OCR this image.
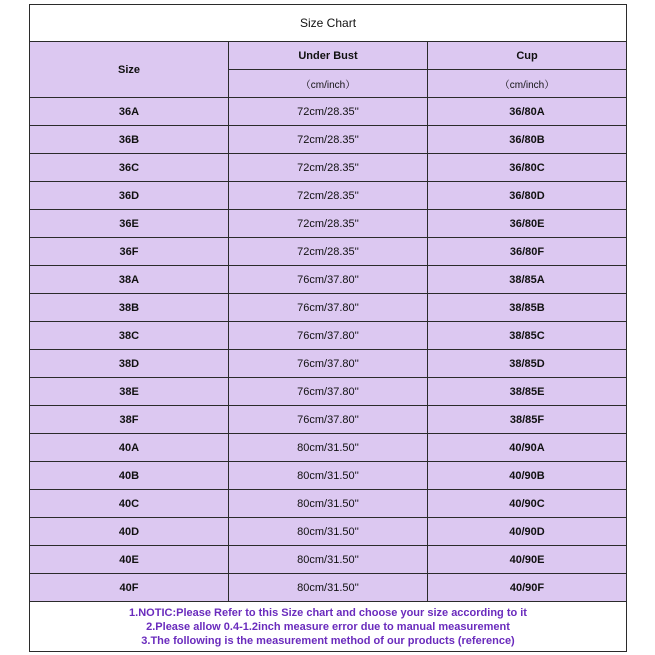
Size Chart		
Size	Under Bust	Cup
	（cm/inch）	（cm/inch）
36A	72cm/28.35''	36/80A
36B	72cm/28.35''	36/80B
36C	72cm/28.35''	36/80C
36D	72cm/28.35''	36/80D
36E	72cm/28.35''	36/80E
36F	72cm/28.35''	36/80F
38A	76cm/37.80''	38/85A
38B	76cm/37.80''	38/85B
38C	76cm/37.80''	38/85C
38D	76cm/37.80''	38/85D
38E	76cm/37.80''	38/85E
38F	76cm/37.80''	38/85F
40A	80cm/31.50''	40/90A
40B	80cm/31.50''	40/90B
40C	80cm/31.50''	40/90C
40D	80cm/31.50''	40/90D
40E	80cm/31.50''	40/90E
40F	80cm/31.50''	40/90F

1.NOTIC:Please Refer to this Size chart and choose your size according to it
2.Please allow 0.4-1.2inch measure error due to manual measurement
3.The following is the measurement method of our products (reference)		
